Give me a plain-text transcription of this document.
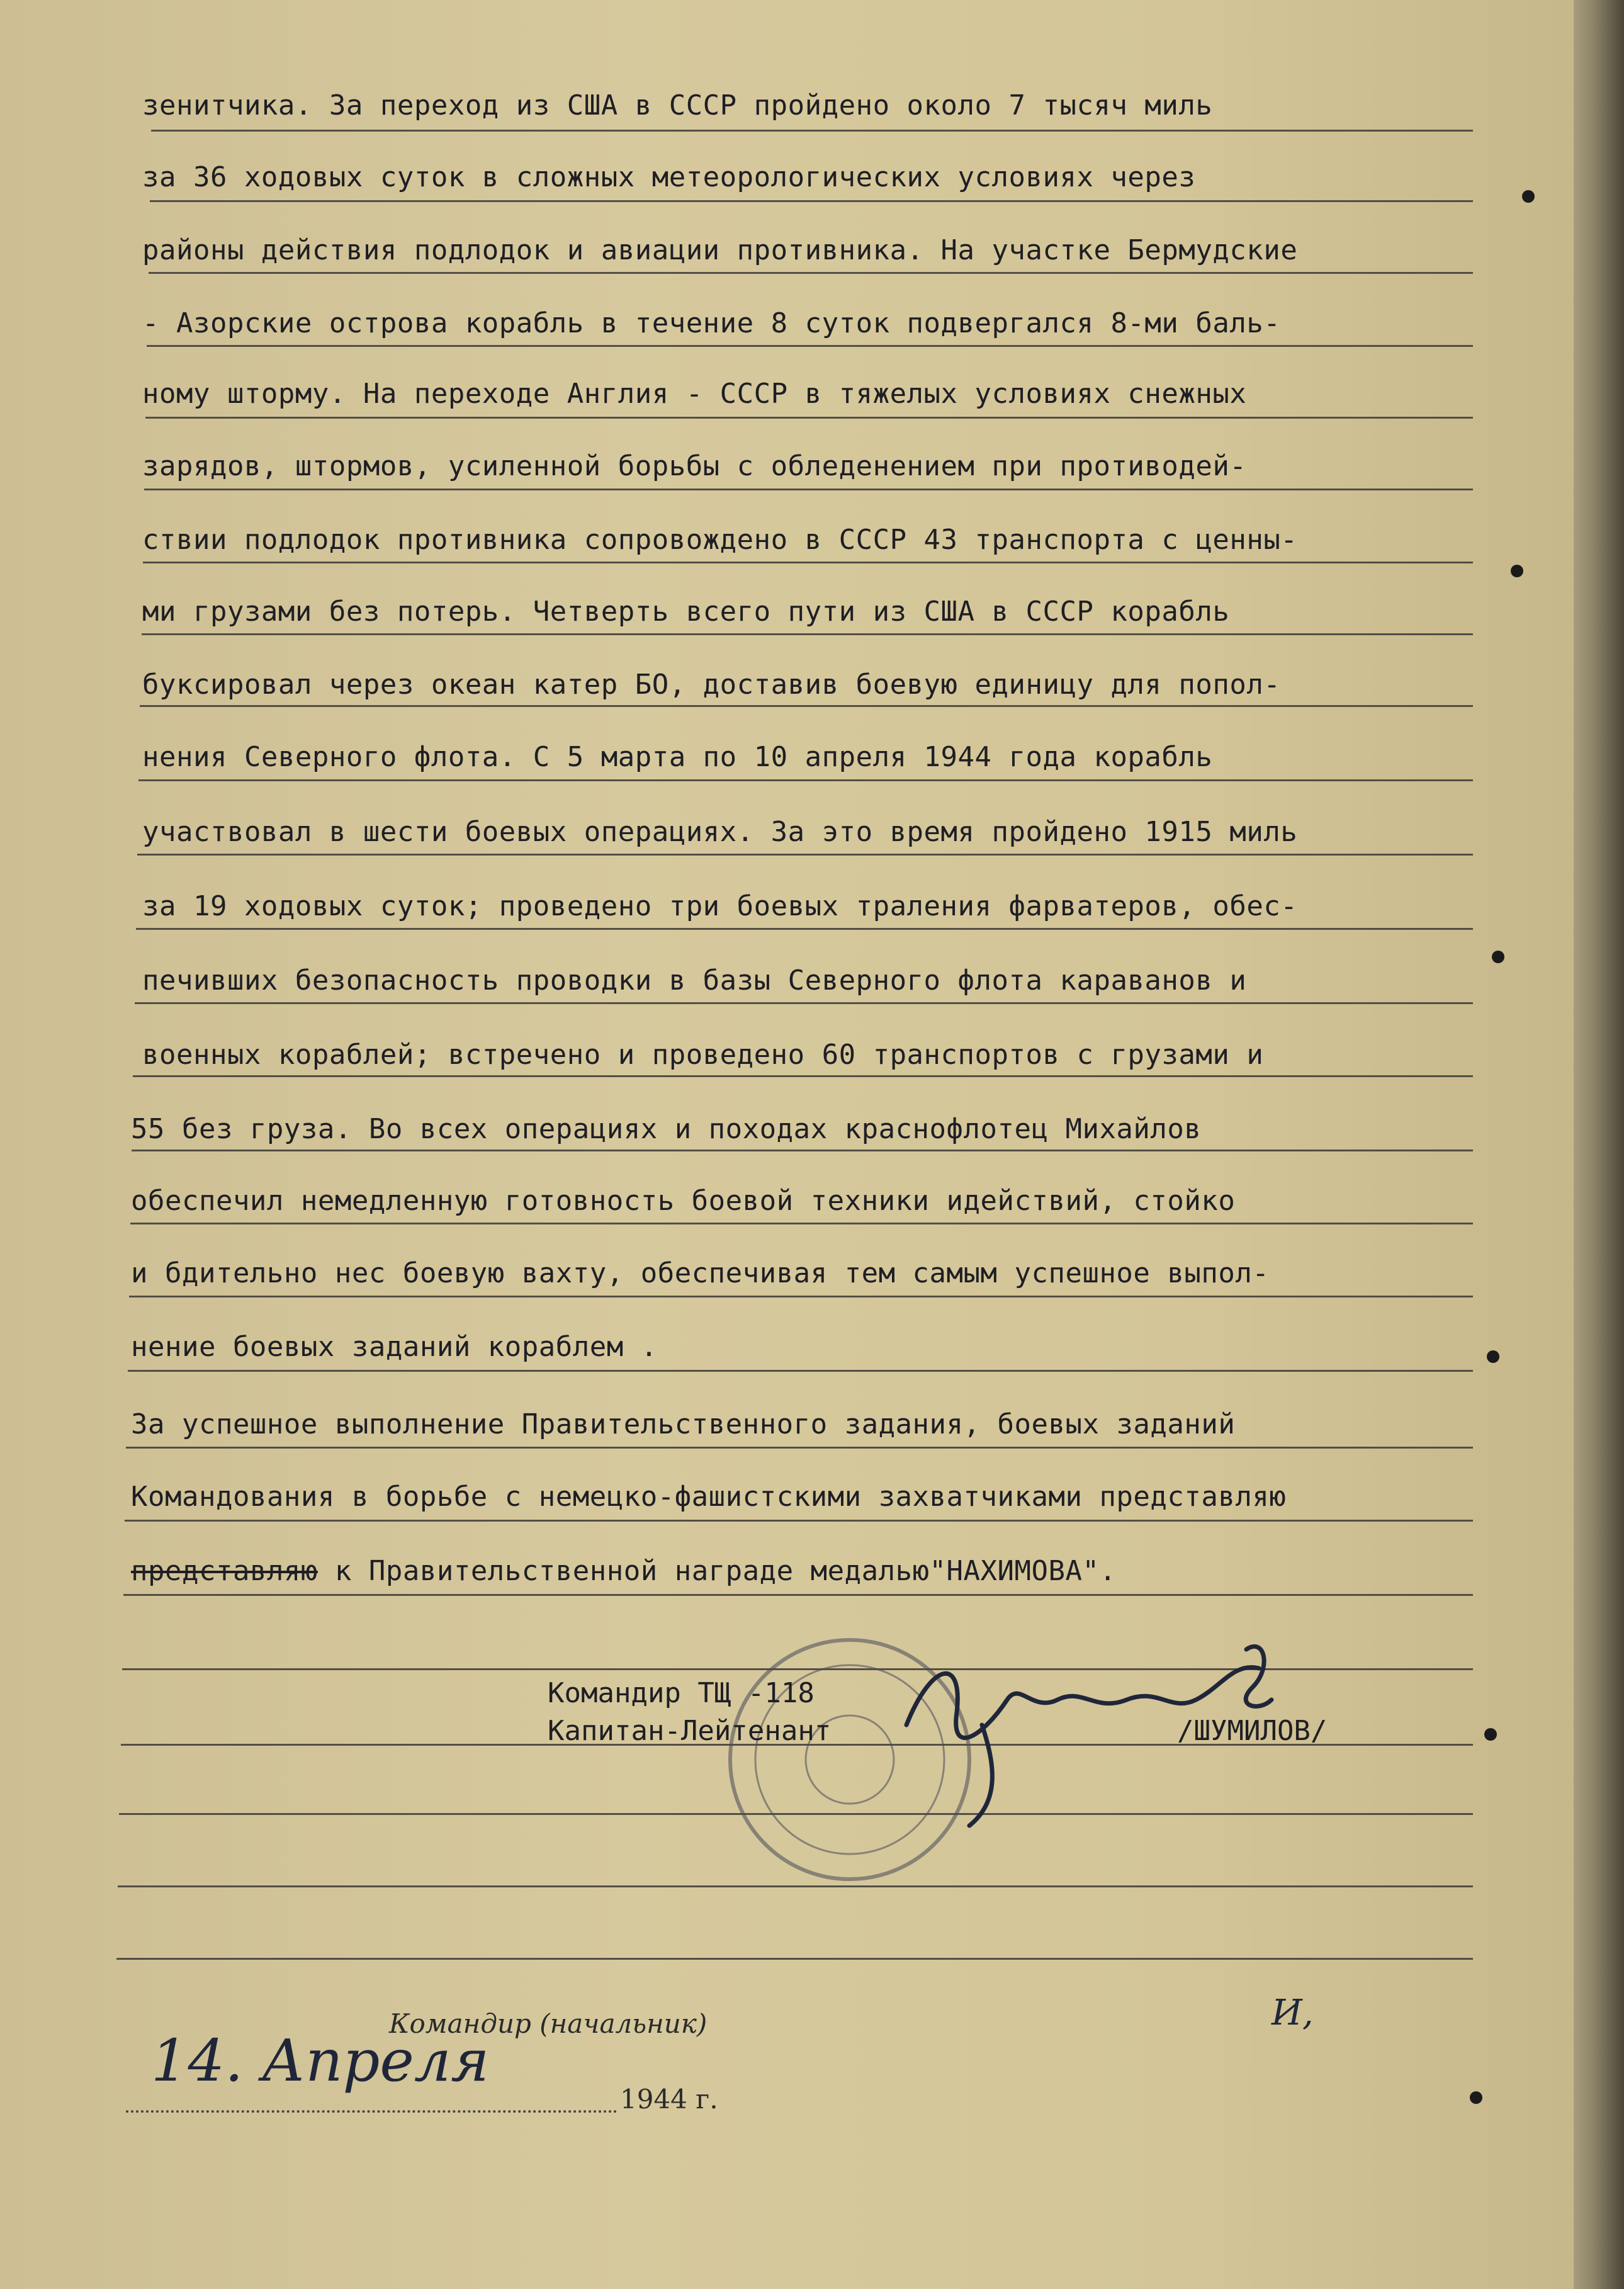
зенитчика. За переход из США в СССР пройдено около 7 тысяч миль
за 36 ходовых суток в сложных метеорологических условиях через
районы действия подлодок и авиации противника. На участке Бермудские
- Азорские острова корабль в течение 8 суток подвергался 8-ми баль-
ному шторму. На переходе Англия - СССР в тяжелых условиях снежных
зарядов, штормов, усиленной борьбы с обледенением при противодей-
ствии подлодок противника сопровождено в СССР 43 транспорта с ценны-
ми грузами без потерь. Четверть всего пути из США в СССР корабль
буксировал через океан катер БО, доставив боевую единицу для попол-
нения Северного флота. С 5 марта по 10 апреля 1944 года корабль
участвовал в шести боевых операциях. За это время пройдено 1915 миль
за 19 ходовых суток; проведено три боевых траления фарватеров, обес-
печивших безопасность проводки в базы Северного флота караванов и
военных кораблей; встречено и проведено 60 транспортов с грузами и
55 без груза. Во всех операциях и походах краснофлотец Михайлов
обеспечил немедленную готовность боевой техники идействий, стойко
и бдительно нес боевую вахту, обеспечивая тем самым успешное выпол-
нение боевых заданий кораблем .
За успешное выполнение Правительственного задания, боевых заданий
Командования в борьбе с немецко-фашистскими захватчиками представляю
представляю к Правительственной награде медалью"НАХИМОВА".
Командир ТЩ -118
Капитан-Лейтенант	/ШУМИЛОВ/
Командир (начальник)
14. Апреля
1944 г.
И,
